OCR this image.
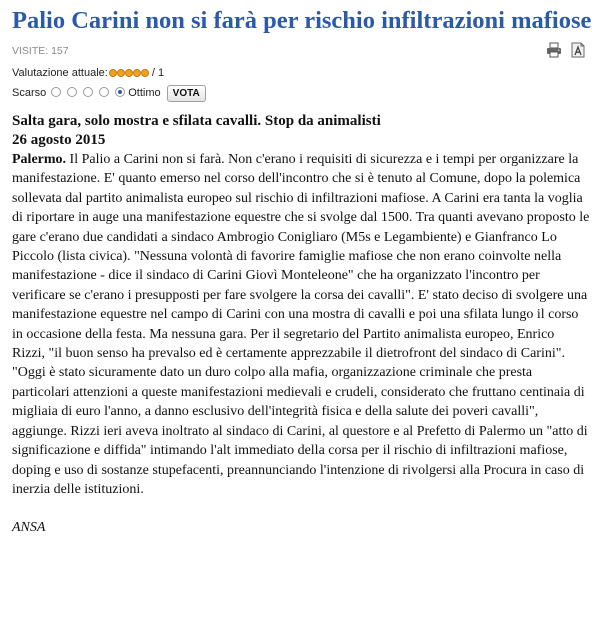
Palio Carini non si farà per rischio infiltrazioni mafiose
VISITE: 157
Valutazione attuale:	/ 1
Scarso	Ottimo	VOTA
Salta gara, solo mostra e sfilata cavalli. Stop da animalisti
26 agosto 2015
Palermo. Il Palio a Carini non si farà. Non c'erano i requisiti di sicurezza e i tempi per organizzare la manifestazione. E' quanto emerso nel corso dell'incontro che si è tenuto al Comune, dopo la polemica sollevata dal partito animalista europeo sul rischio di infiltrazioni mafiose. A Carini era tanta la voglia di riportare in auge una manifestazione equestre che si svolge dal 1500. Tra quanti avevano proposto le gare c'erano due candidati a sindaco Ambrogio Conigliaro (M5s e Legambiente) e Gianfranco Lo Piccolo (lista civica). "Nessuna volontà di favorire famiglie mafiose che non erano coinvolte nella manifestazione - dice il sindaco di Carini Giovì Monteleone" che ha organizzato l'incontro per verificare se c'erano i presupposti per fare svolgere la corsa dei cavalli". E' stato deciso di svolgere una manifestazione equestre nel campo di Carini con una mostra di cavalli e poi una sfilata lungo il corso in occasione della festa. Ma nessuna gara. Per il segretario del Partito animalista europeo, Enrico Rizzi, "il buon senso ha prevalso ed è certamente apprezzabile il dietrofront del sindaco di Carini". "Oggi è stato sicuramente dato un duro colpo alla mafia, organizzazione criminale che presta particolari attenzioni a queste manifestazioni medievali e crudeli, considerato che fruttano centinaia di migliaia di euro l'anno, a danno esclusivo dell'integrità fisica e della salute dei poveri cavalli", aggiunge. Rizzi ieri aveva inoltrato al sindaco di Carini, al questore e al Prefetto di Palermo un "atto di significazione e diffida" intimando l'alt immediato della corsa per il rischio di infiltrazioni mafiose, doping e uso di sostanze stupefacenti, preannunciando l'intenzione di rivolgersi alla Procura in caso di inerzia delle istituzioni.
ANSA
